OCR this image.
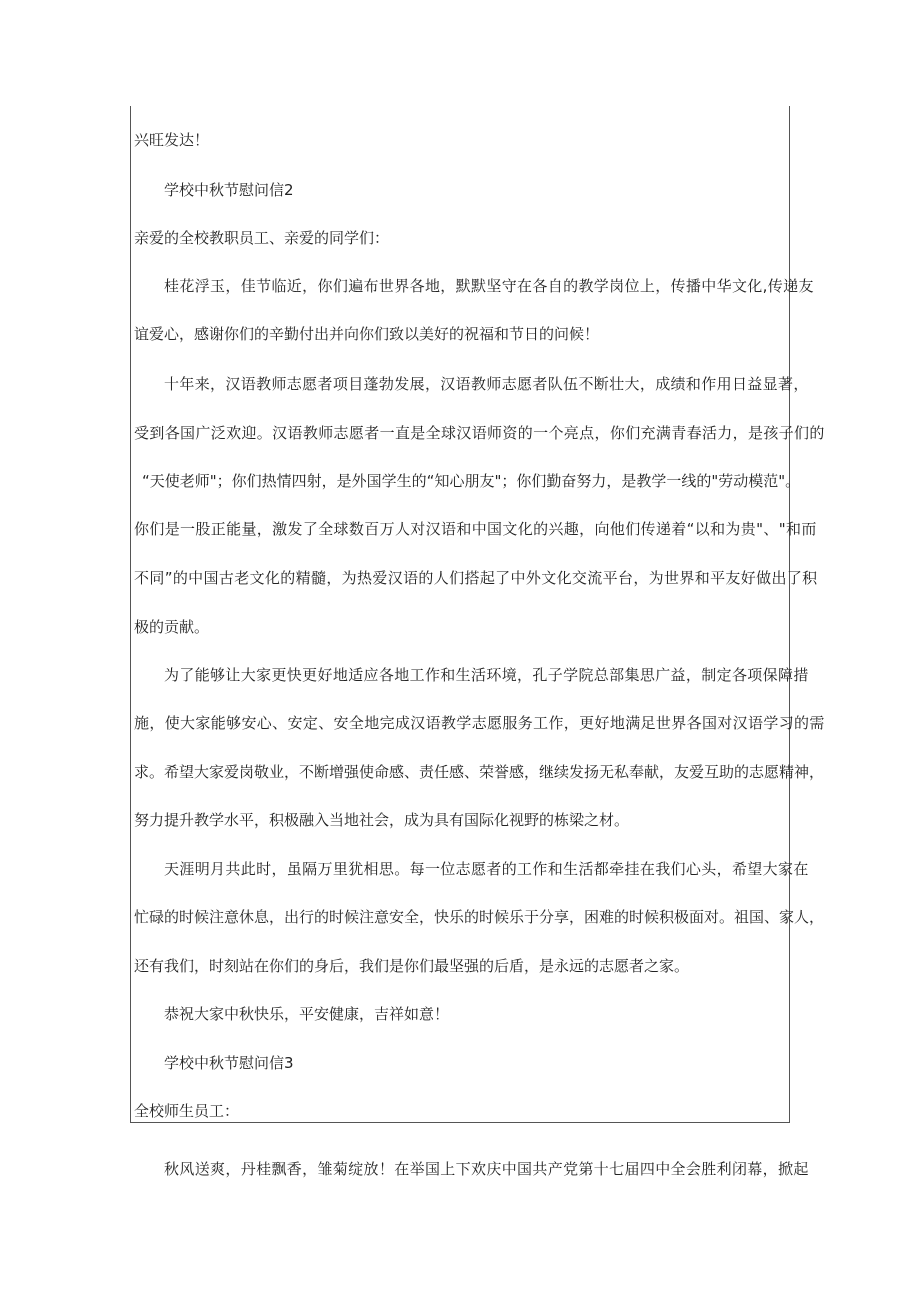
兴旺发达！
学校中秋节慰问信2
亲爱的全校教职员工、亲爱的同学们：
桂花浮玉，佳节临近，你们遍布世界各地，默默坚守在各自的教学岗位上，传播中华文化,传递友
谊爱心，感谢你们的辛勤付出并向你们致以美好的祝福和节日的问候！
十年来，汉语教师志愿者项目蓬勃发展，汉语教师志愿者队伍不断壮大，成绩和作用日益显著，
受到各国广泛欢迎。汉语教师志愿者一直是全球汉语师资的一个亮点，你们充满青春活力，是孩子们的
“天使老师"；你们热情四射，是外国学生的“知心朋友"；你们勤奋努力，是教学一线的"劳动模范"。
你们是一股正能量，激发了全球数百万人对汉语和中国文化的兴趣，向他们传递着“以和为贵"、"和而
不同”的中国古老文化的精髓，为热爱汉语的人们搭起了中外文化交流平台，为世界和平友好做出了积
极的贡献。
为了能够让大家更快更好地适应各地工作和生活环境，孔子学院总部集思广益，制定各项保障措
施，使大家能够安心、安定、安全地完成汉语教学志愿服务工作，更好地满足世界各国对汉语学习的需
求。希望大家爱岗敬业，不断增强使命感、责任感、荣誉感，继续发扬无私奉献，友爱互助的志愿精神，
努力提升教学水平，积极融入当地社会，成为具有国际化视野的栋梁之材。
天涯明月共此时，虽隔万里犹相思。每一位志愿者的工作和生活都牵挂在我们心头，希望大家在
忙碌的时候注意休息，出行的时候注意安全，快乐的时候乐于分享，困难的时候积极面对。祖国、家人，
还有我们，时刻站在你们的身后，我们是你们最坚强的后盾，是永远的志愿者之家。
恭祝大家中秋快乐，平安健康，吉祥如意！
学校中秋节慰问信3
全校师生员工：
秋风送爽，丹桂飘香，雏菊绽放！在举国上下欢庆中国共产党第十七届四中全会胜利闭幕，掀起
